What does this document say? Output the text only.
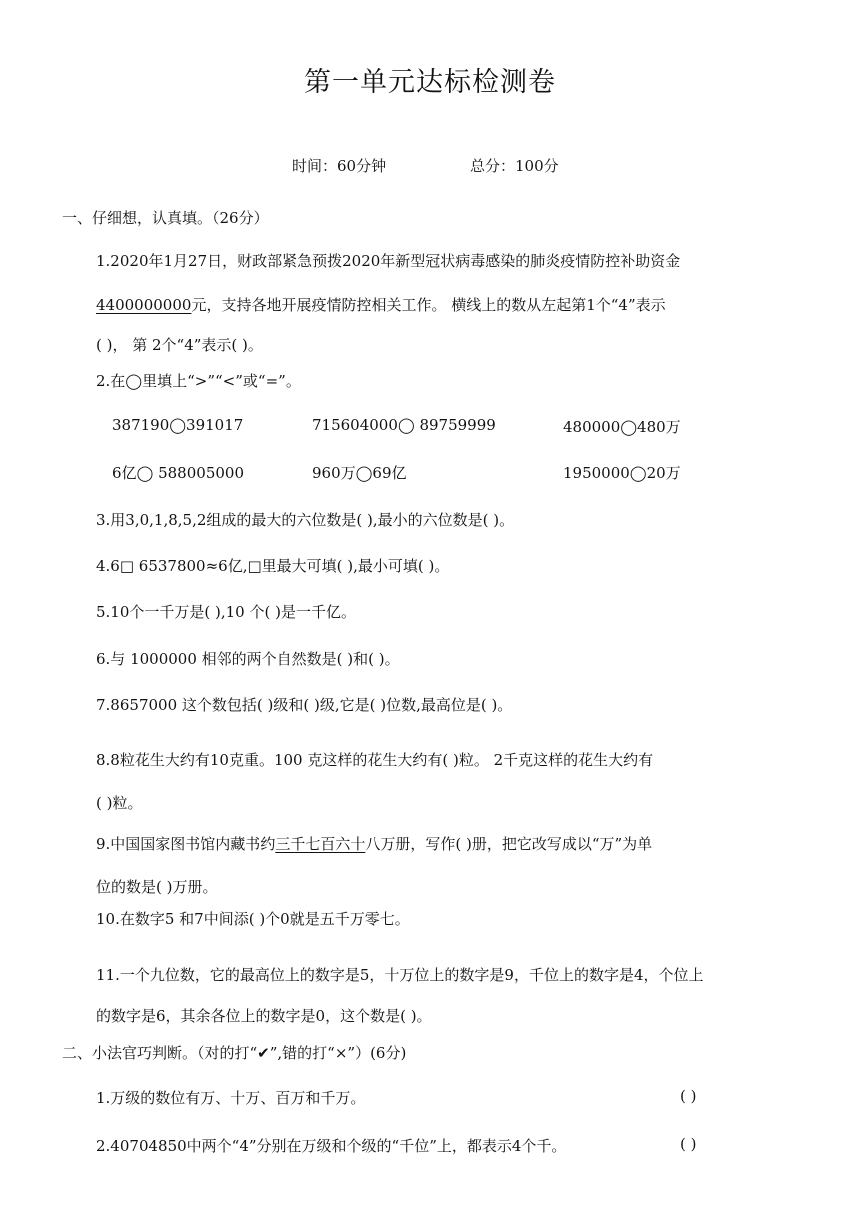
第一单元达标检测卷
时间：60分钟	总分：100分
一、仔细想，认真填。（26分）
1.2020年1月27日，财政部紧急预拨2020年新型冠状病毒感染的肺炎疫情防控补助资金
4400000000元，支持各地开展疫情防控相关工作。 横线上的数从左起第1个“4”表示
( )， 第 2个“4”表示( )。
2.在◯里填上“>”“<”或“=”。
387190◯391017	715604000◯ 89759999	480000◯480万
6亿◯ 588005000	960万◯69亿	1950000◯20万
3.用3,0,1,8,5,2组成的最大的六位数是( ),最小的六位数是( )。
4.6□ 6537800≈6亿,□里最大可填( ),最小可填( )。
5.10个一千万是( ),10 个( )是一千亿。
6.与 1000000 相邻的两个自然数是( )和( )。
7.8657000 这个数包括( )级和( )级,它是( )位数,最高位是( )。
8.8粒花生大约有10克重。100 克这样的花生大约有( )粒。 2千克这样的花生大约有
( )粒。
9.中国国家图书馆内藏书约三千七百六十八万册，写作( )册，把它改写成以“万”为单
位的数是( )万册。
10.在数字5 和7中间添( )个0就是五千万零七。
11.一个九位数，它的最高位上的数字是5，十万位上的数字是9，千位上的数字是4，个位上
的数字是6，其余各位上的数字是0，这个数是( )。
二、小法官巧判断。（对的打“✔”,错的打“×”）(6分)
1.万级的数位有万、十万、百万和千万。	( )
2.40704850中两个“4”分别在万级和个级的“千位”上，都表示4个千。	( )
